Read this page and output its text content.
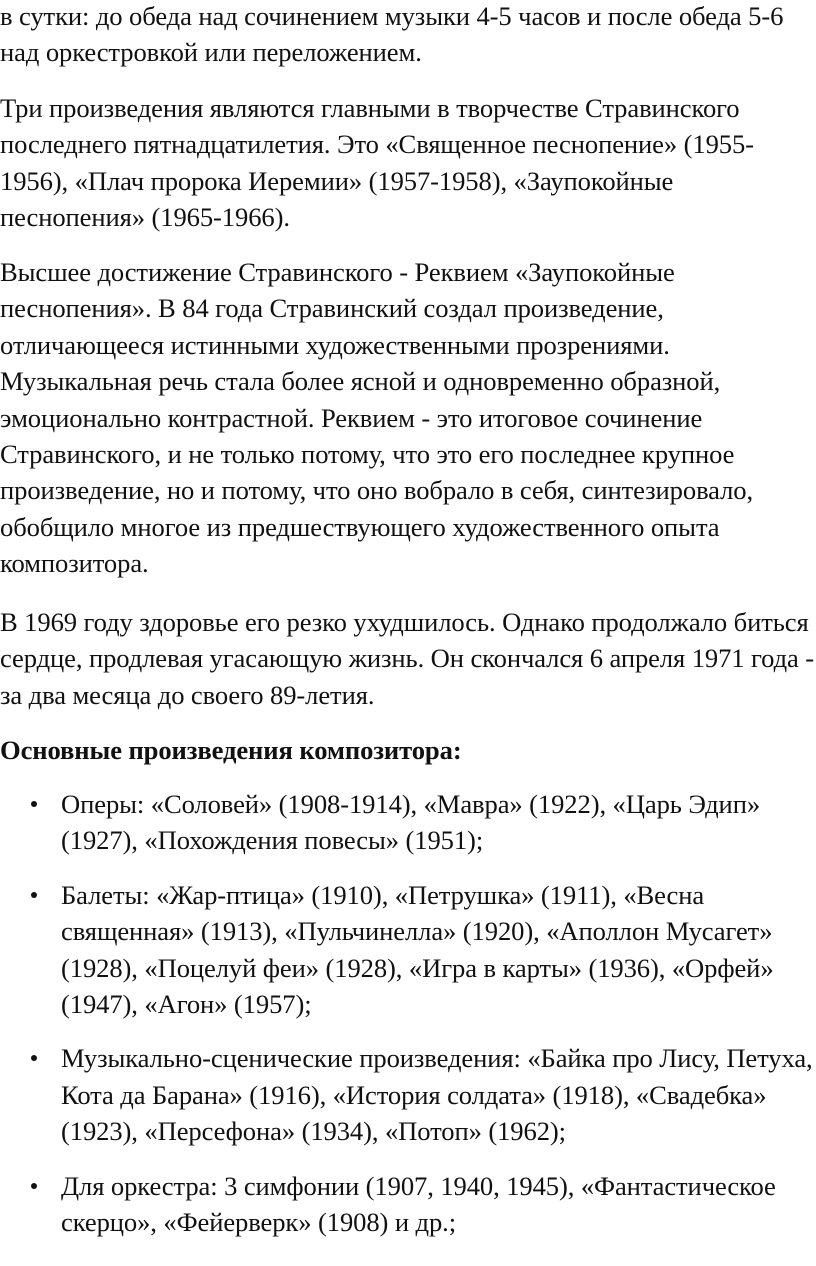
в сутки: до обеда над сочинением музыки 4-5 часов и после обеда 5-6 над оркестровкой или переложением.

Три произведения являются главными в творчестве Стравинского последнего пятнадцатилетия. Это «Священное песнопение» (1955-1956), «Плач пророка Иеремии» (1957-1958), «Заупокойные песнопения» (1965-1966).

Высшее достижение Стравинского - Реквием «Заупокойные песнопения». В 84 года Стравинский создал произведение, отличающееся истинными художественными прозрениями. Музыкальная речь стала более ясной и одновременно образной, эмоционально контрастной. Реквием - это итоговое сочинение Стравинского, и не только потому, что это его последнее крупное произведение, но и потому, что оно вобрало в себя, синтезировало, обобщило многое из предшествующего художественного опыта композитора.

В 1969 году здоровье его резко ухудшилось. Однако продолжало биться сердце, продлевая угасающую жизнь. Он скончался 6 апреля 1971 года - за два месяца до своего 89-летия.

Основные произведения композитора:

Оперы: «Соловей» (1908-1914), «Мавра» (1922), «Царь Эдип» (1927), «Похождения повесы» (1951);
Балеты: «Жар-птица» (1910), «Петрушка» (1911), «Весна священная» (1913), «Пульчинелла» (1920), «Аполлон Мусагет» (1928), «Поцелуй феи» (1928), «Игра в карты» (1936), «Орфей» (1947), «Агон» (1957);
Музыкально-сценические произведения: «Байка про Лису, Петуха, Кота да Барана» (1916), «История солдата» (1918), «Свадебка» (1923), «Персефона» (1934), «Потоп» (1962);
Для оркестра: 3 симфонии (1907, 1940, 1945), «Фантастическое скерцо», «Фейерверк» (1908) и др.;
